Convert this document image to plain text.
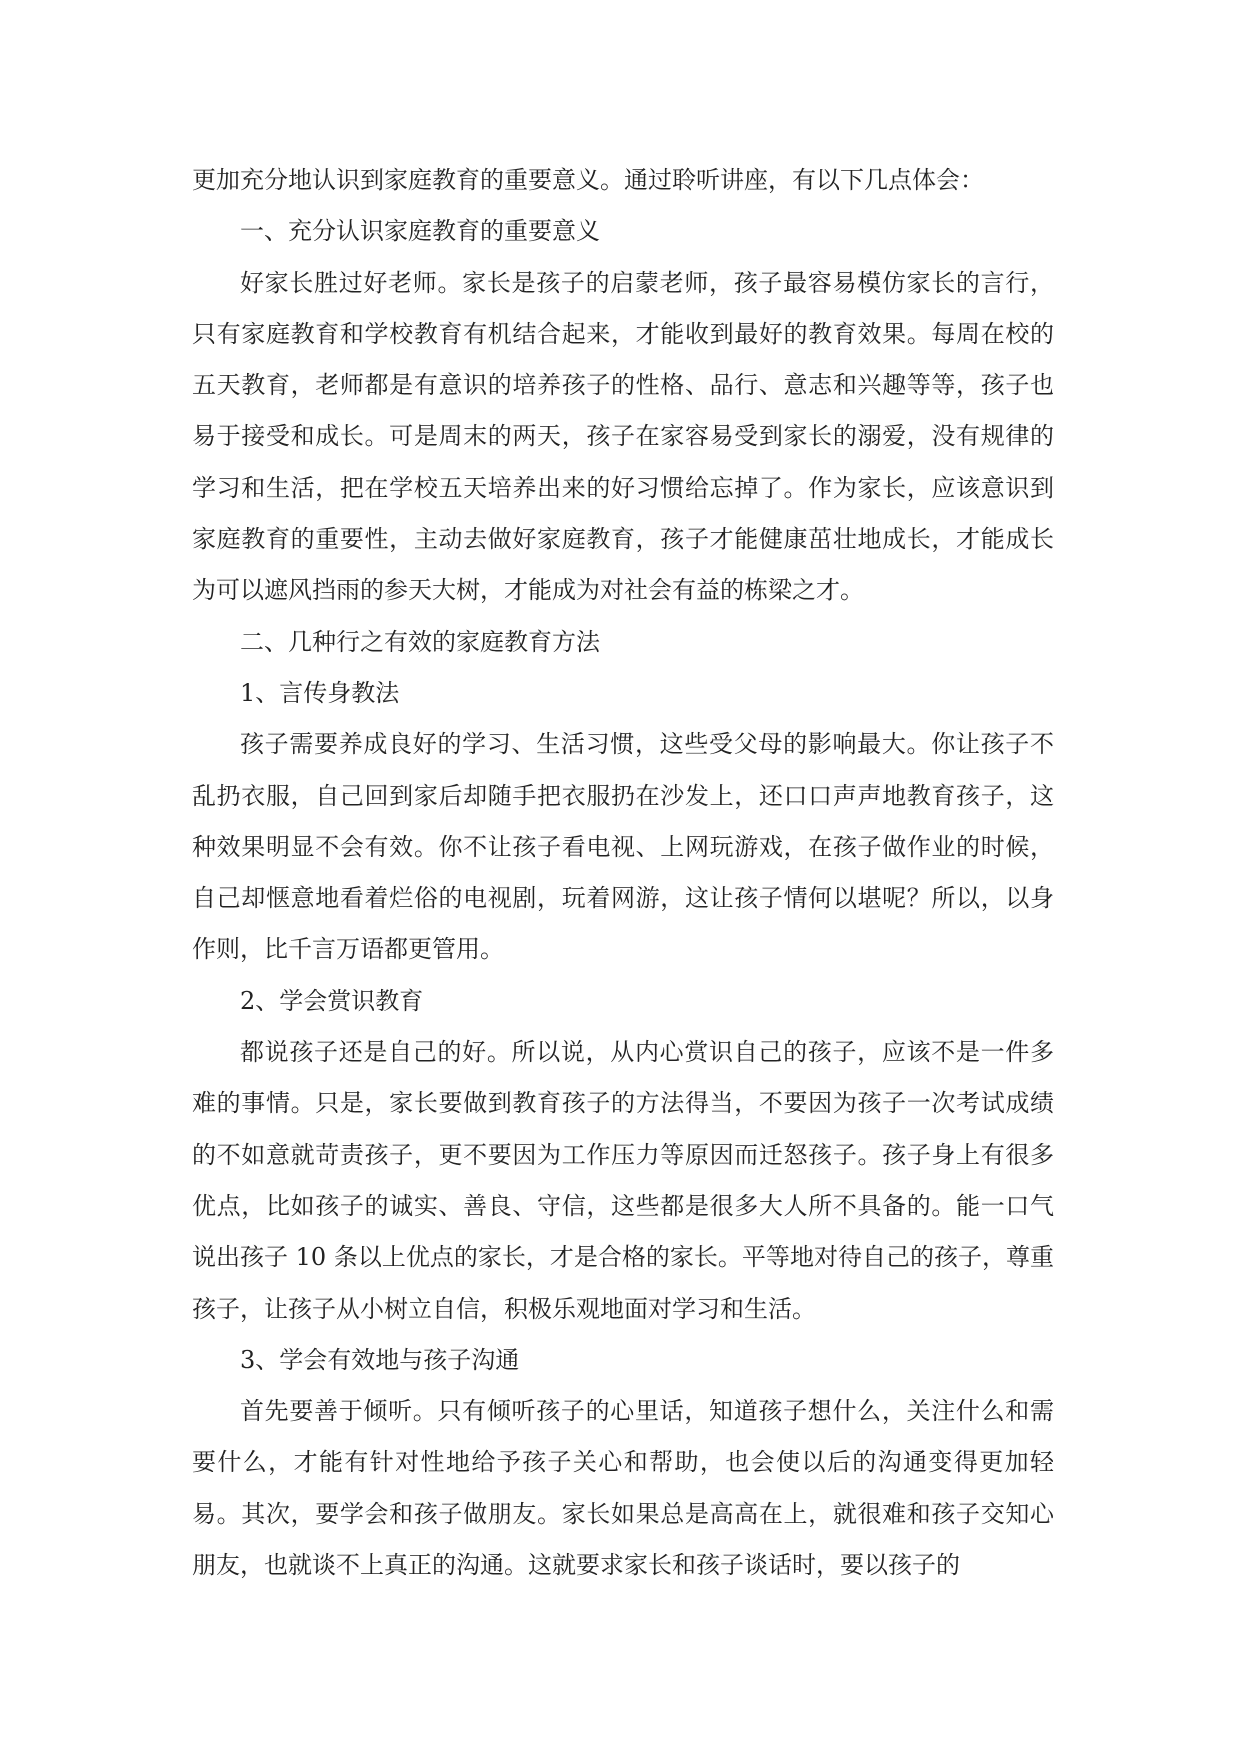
更加充分地认识到家庭教育的重要意义。通过聆听讲座，有以下几点体会：

一、充分认识家庭教育的重要意义

好家长胜过好老师。家长是孩子的启蒙老师，孩子最容易模仿家长的言行，只有家庭教育和学校教育有机结合起来，才能收到最好的教育效果。每周在校的五天教育，老师都是有意识的培养孩子的性格、品行、意志和兴趣等等，孩子也易于接受和成长。可是周末的两天，孩子在家容易受到家长的溺爱，没有规律的学习和生活，把在学校五天培养出来的好习惯给忘掉了。作为家长，应该意识到家庭教育的重要性，主动去做好家庭教育，孩子才能健康茁壮地成长，才能成长为可以遮风挡雨的参天大树，才能成为对社会有益的栋梁之才。

二、几种行之有效的家庭教育方法

1、言传身教法

孩子需要养成良好的学习、生活习惯，这些受父母的影响最大。你让孩子不乱扔衣服，自己回到家后却随手把衣服扔在沙发上，还口口声声地教育孩子，这种效果明显不会有效。你不让孩子看电视、上网玩游戏，在孩子做作业的时候，自己却惬意地看着烂俗的电视剧，玩着网游，这让孩子情何以堪呢？所以，以身作则，比千言万语都更管用。

2、学会赏识教育

都说孩子还是自己的好。所以说，从内心赏识自己的孩子，应该不是一件多难的事情。只是，家长要做到教育孩子的方法得当，不要因为孩子一次考试成绩的不如意就苛责孩子，更不要因为工作压力等原因而迁怒孩子。孩子身上有很多优点，比如孩子的诚实、善良、守信，这些都是很多大人所不具备的。能一口气说出孩子 10 条以上优点的家长，才是合格的家长。平等地对待自己的孩子，尊重孩子，让孩子从小树立自信，积极乐观地面对学习和生活。

3、学会有效地与孩子沟通

首先要善于倾听。只有倾听孩子的心里话，知道孩子想什么，关注什么和需要什么，才能有针对性地给予孩子关心和帮助，也会使以后的沟通变得更加轻易。其次，要学会和孩子做朋友。家长如果总是高高在上，就很难和孩子交知心朋友，也就谈不上真正的沟通。这就要求家长和孩子谈话时，要以孩子的
